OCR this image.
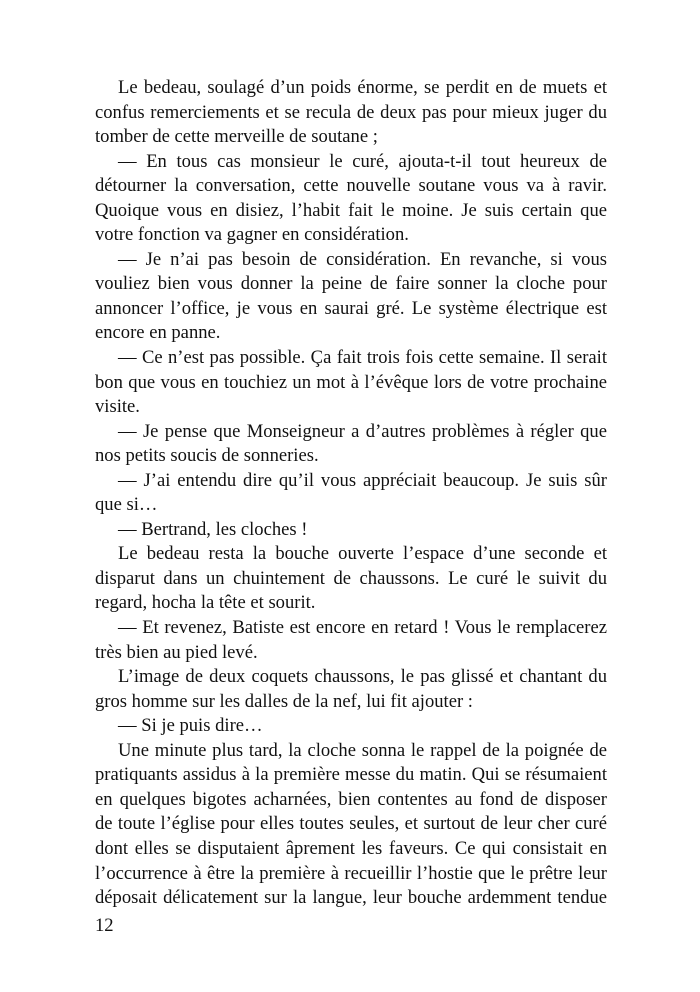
Le bedeau, soulagé d’un poids énorme, se perdit en de muets et confus remerciements et se recula de deux pas pour mieux juger du tomber de cette merveille de soutane ;

— En tous cas monsieur le curé, ajouta-t-il tout heureux de détourner la conversation, cette nouvelle soutane vous va à ravir. Quoique vous en disiez, l’habit fait le moine. Je suis certain que votre fonction va gagner en considération.

— Je n’ai pas besoin de considération. En revanche, si vous vouliez bien vous donner la peine de faire sonner la cloche pour annoncer l’office, je vous en saurai gré. Le système électrique est encore en panne.

— Ce n’est pas possible. Ça fait trois fois cette semaine. Il serait bon que vous en touchiez un mot à l’évêque lors de votre prochaine visite.

— Je pense que Monseigneur a d’autres problèmes à régler que nos petits soucis de sonneries.

— J’ai entendu dire qu’il vous appréciait beaucoup. Je suis sûr que si…

— Bertrand, les cloches !

Le bedeau resta la bouche ouverte l’espace d’une seconde et disparut dans un chuintement de chaussons. Le curé le suivit du regard, hocha la tête et sourit.

— Et revenez, Batiste est encore en retard ! Vous le remplacerez très bien au pied levé.

L’image de deux coquets chaussons, le pas glissé et chantant du gros homme sur les dalles de la nef, lui fit ajouter :

— Si je puis dire…

Une minute plus tard, la cloche sonna le rappel de la poignée de pratiquants assidus à la première messe du matin. Qui se résumaient en quelques bigotes acharnées, bien contentes au fond de disposer de toute l’église pour elles toutes seules, et surtout de leur cher curé dont elles se disputaient âprement les faveurs. Ce qui consistait en l’occurrence à être la première à recueillir l’hostie que le prêtre leur déposait délicatement sur la langue, leur bouche ardemment tendue

12
